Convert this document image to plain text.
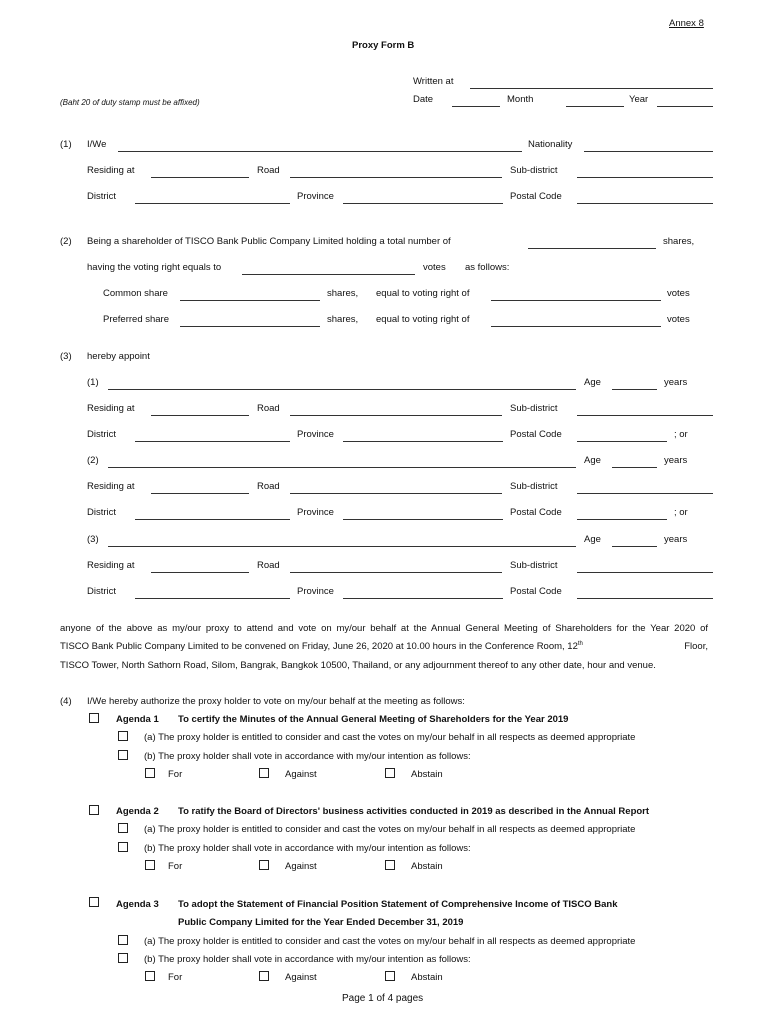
Annex 8
Proxy Form B
Written at
(Baht 20 of duty stamp must be affixed)	Date	Month	Year
(1) I/We	Nationality
Residing at	Road	Sub-district
District	Province	Postal Code
(2) Being a shareholder of TISCO Bank Public Company Limited holding a total number of	shares,
having the voting right equals to	votes as follows:
Common share	shares, equal to voting right of	votes
Preferred share	shares, equal to voting right of	votes
(3) hereby appoint
(1)	Age	years
Residing at	Road	Sub-district
District	Province	Postal Code	; or
(2)	Age	years
Residing at	Road	Sub-district
District	Province	Postal Code	; or
(3)	Age	years
Residing at	Road	Sub-district
District	Province	Postal Code
anyone of the above as my/our proxy to attend and vote on my/our behalf at the Annual General Meeting of Shareholders for the Year 2020 of
TISCO Bank Public Company Limited to be convened on Friday, June 26, 2020 at 10.00 hours in the Conference Room, 12th	Floor,
TISCO Tower, North Sathorn Road, Silom, Bangrak, Bangkok 10500, Thailand, or any adjournment thereof to any other date, hour and venue.
(4) I/We hereby authorize the proxy holder to vote on my/our behalf at the meeting as follows:
Agenda 1 To certify the Minutes of the Annual General Meeting of Shareholders for the Year 2019
(a) The proxy holder is entitled to consider and cast the votes on my/our behalf in all respects as deemed appropriate
(b) The proxy holder shall vote in accordance with my/our intention as follows:
For	Against	Abstain
Agenda 2 To ratify the Board of Directors' business activities conducted in 2019 as described in the Annual Report
(a) The proxy holder is entitled to consider and cast the votes on my/our behalf in all respects as deemed appropriate
(b) The proxy holder shall vote in accordance with my/our intention as follows:
For	Against	Abstain
Agenda 3 To adopt the Statement of Financial Position Statement of Comprehensive Income of TISCO Bank
Public Company Limited for the Year Ended December 31, 2019
(a) The proxy holder is entitled to consider and cast the votes on my/our behalf in all respects as deemed appropriate
(b) The proxy holder shall vote in accordance with my/our intention as follows:
For	Against	Abstain
Page 1 of 4 pages
